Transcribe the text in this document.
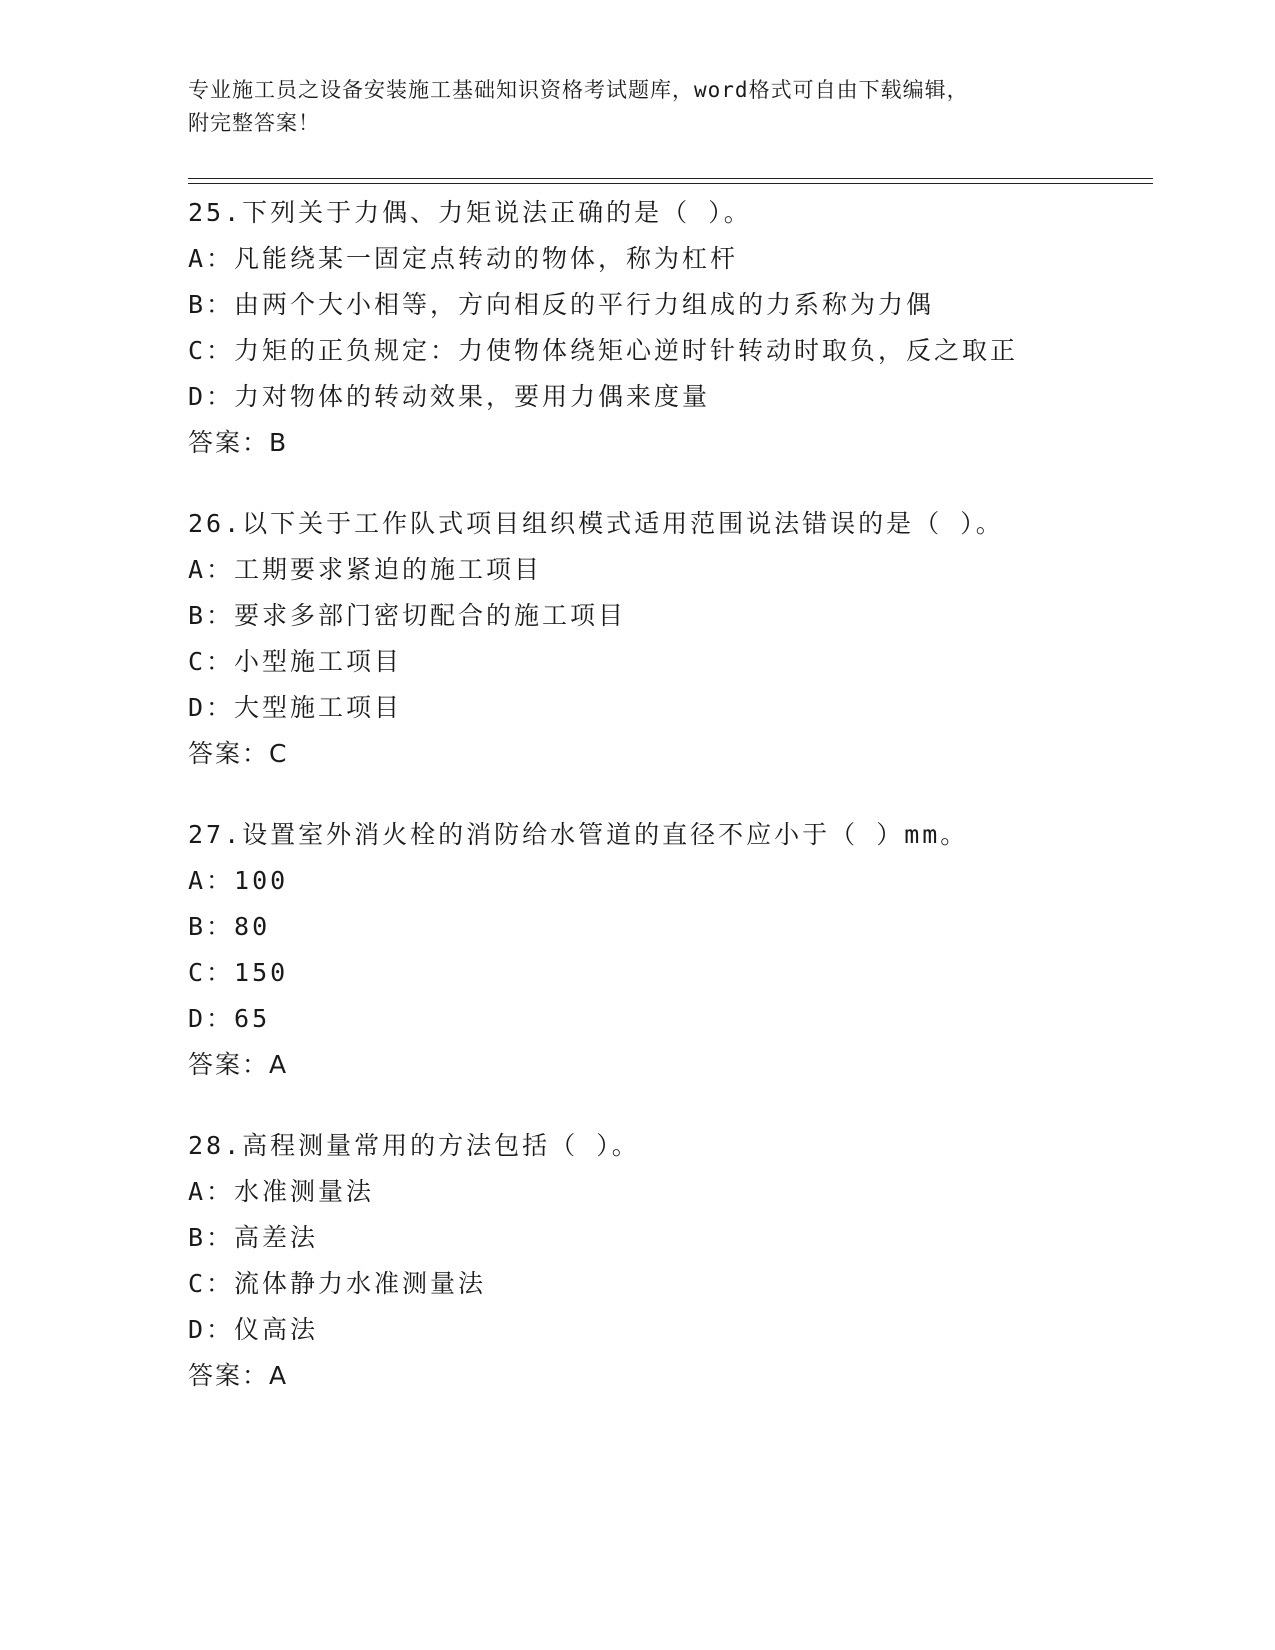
专业施工员之设备安装施工基础知识资格考试题库，word格式可自由下载编辑，
附完整答案！
25.下列关于力偶、力矩说法正确的是（ ）。
A：凡能绕某一固定点转动的物体，称为杠杆
B：由两个大小相等，方向相反的平行力组成的力系称为力偶
C：力矩的正负规定：力使物体绕矩心逆时针转动时取负，反之取正
D：力对物体的转动效果，要用力偶来度量
答案：B
26.以下关于工作队式项目组织模式适用范围说法错误的是（ ）。
A：工期要求紧迫的施工项目
B：要求多部门密切配合的施工项目
C：小型施工项目
D：大型施工项目
答案：C
27.设置室外消火栓的消防给水管道的直径不应小于（ ）mm。
A：100
B：80
C：150
D：65
答案：A
28.高程测量常用的方法包括（ ）。
A：水准测量法
B：高差法
C：流体静力水准测量法
D：仪高法
答案：A
